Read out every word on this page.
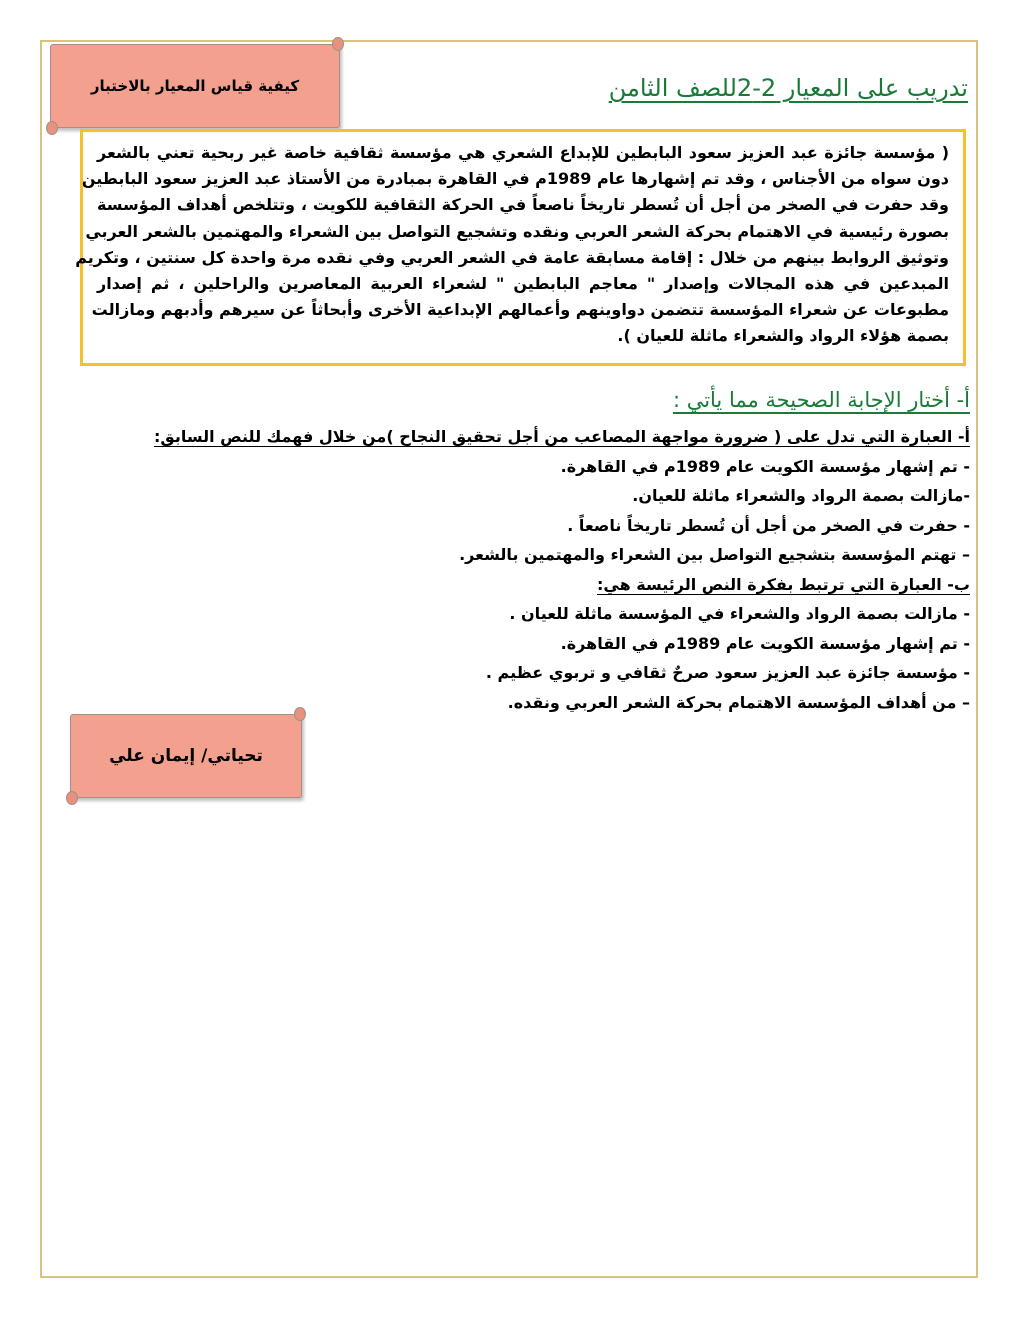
كيفية قياس المعيار بالاختبار	تدريب على المعيار 2-2للصف الثامن
( مؤسسة جائزة عبد العزيز سعود البابطين للإبداع الشعري هي مؤسسة ثقافية خاصة غير ربحية تعني بالشعر
دون سواه من الأجناس ، وقد تم إشهارها عام 1989م في القاهرة بمبادرة من الأستاذ عبد العزيز سعود البابطين
وقد حفرت في الصخر من أجل أن تُسطر تاريخاً ناصعاً في الحركة الثقافية للكويت ، وتتلخص أهداف المؤسسة
بصورة رئيسية في الاهتمام بحركة الشعر العربي ونقده وتشجيع التواصل بين الشعراء والمهتمين بالشعر العربي
وتوثيق الروابط بينهم من خلال : إقامة مسابقة عامة في الشعر العربي وفي نقده مرة واحدة كل سنتين ، وتكريم
المبدعين في هذه المجالات وإصدار " معاجم البابطين " لشعراء العربية المعاصرين والراحلين ، ثم إصدار
مطبوعات عن شعراء المؤسسة تتضمن دواوينهم وأعمالهم الإبداعية الأخرى وأبحاثاً عن سيرهم وأدبهم ومازالت
بصمة هؤلاء الرواد والشعراء ماثلة للعيان ).
أ- أختار الإجابة الصحيحة مما يأتي :
أ- العبارة التي تدل على ( ضرورة مواجهة المصاعب من أجل تحقيق النجاح )من خلال فهمك للنص السابق:
- تم إشهار مؤسسة الكويت عام 1989م في القاهرة.
-مازالت بصمة الرواد والشعراء ماثلة للعيان.
- حفرت في الصخر من أجل أن تُسطر تاريخاً ناصعاً .
– تهتم المؤسسة بتشجيع التواصل بين الشعراء والمهتمين بالشعر.
ب- العبارة التي ترتبط بفكرة النص الرئيسة هي:
- مازالت بصمة الرواد والشعراء في المؤسسة ماثلة للعيان .
- تم إشهار مؤسسة الكويت عام 1989م في القاهرة.
- مؤسسة جائزة عبد العزيز سعود صرحٌ ثقافي و تربوي عظيم .
– من أهداف المؤسسة الاهتمام بحركة الشعر العربي ونقده.
تحياتي/ إيمان علي
